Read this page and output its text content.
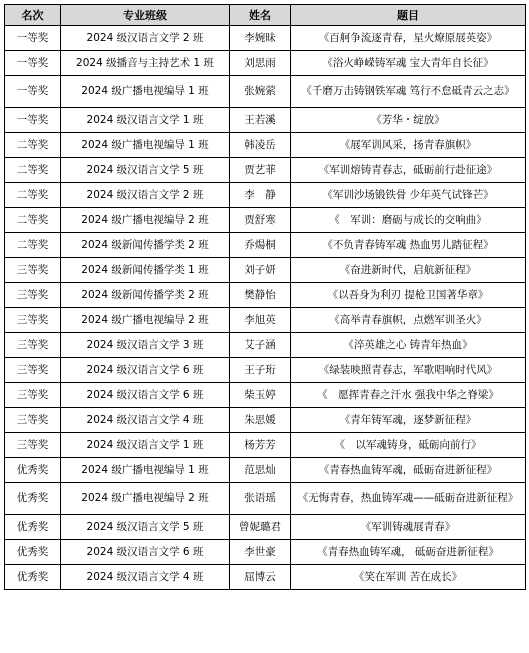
名次	专业班级	姓名	题目
一等奖	2024 级汉语言文学 2 班	李婉昧	《百舸争流逐青春，星火燎原展英姿》
一等奖	2024 级播音与主持艺术 1 班	刘思雨	《浴火峥嵘铸军魂 宝大青年自长征》
一等奖	2024 级广播电视编导 1 班	张婉萦	《千磨万击铸钢铁军魂 笃行不怠砥青云之志》
一等奖	2024 级汉语言文学 1 班	王若溪	《芳华・绽放》
二等奖	2024 级广播电视编导 1 班	韩凌岳	《展军训风采，扬青春旗帜》
二等奖	2024 级汉语言文学 5 班	贾艺菲	《军训熔铸青春志，砥砺前行赴征途》
二等奖	2024 级汉语言文学 2 班	李　静	《军训沙场锻铁骨 少年英气试锋芒》
二等奖	2024 级广播电视编导 2 班	贾舒寒	《　军训：磨砺与成长的交响曲》
二等奖	2024 级新闻传播学类 2 班	乔煬桐	《不负青春铸军魂 热血男儿踏征程》
三等奖	2024 级新闻传播学类 1 班	刘子妍	《奋进新时代，启航新征程》
三等奖	2024 级新闻传播学类 2 班	樊静怡	《以吾身为利刃 提枪卫国著华章》
三等奖	2024 级广播电视编导 2 班	李旭英	《高举青春旗帜，点燃军训圣火》
三等奖	2024 级汉语言文学 3 班	艾子涵	《淬英雄之心 铸青年热血》
三等奖	2024 级汉语言文学 6 班	王子珩	《绿装映照青春志，军歌唱响时代风》
三等奖	2024 级汉语言文学 6 班	柴玉婷	《　愿挥青春之汗水 强我中华之脊梁》
三等奖	2024 级汉语言文学 4 班	朱思媛	《青年铸军魂，逐梦新征程》
三等奖	2024 级汉语言文学 1 班	杨芳芳	《　以军魂铸身，砥砺向前行》
优秀奖	2024 级广播电视编导 1 班	范思灿	《青春热血铸军魂，砥砺奋进新征程》
优秀奖	2024 级广播电视编导 2 班	张语瑶	《无悔青春，热血铸军魂——砥砺奋进新征程》
优秀奖	2024 级汉语言文学 5 班	曾妮璐君	《军训铸魂展青春》
优秀奖	2024 级汉语言文学 6 班	李世豪	《青春热血铸军魂， 砥砺奋进新征程》
优秀奖	2024 级汉语言文学 4 班	屈博云	《笑在军训 苦在成长》
